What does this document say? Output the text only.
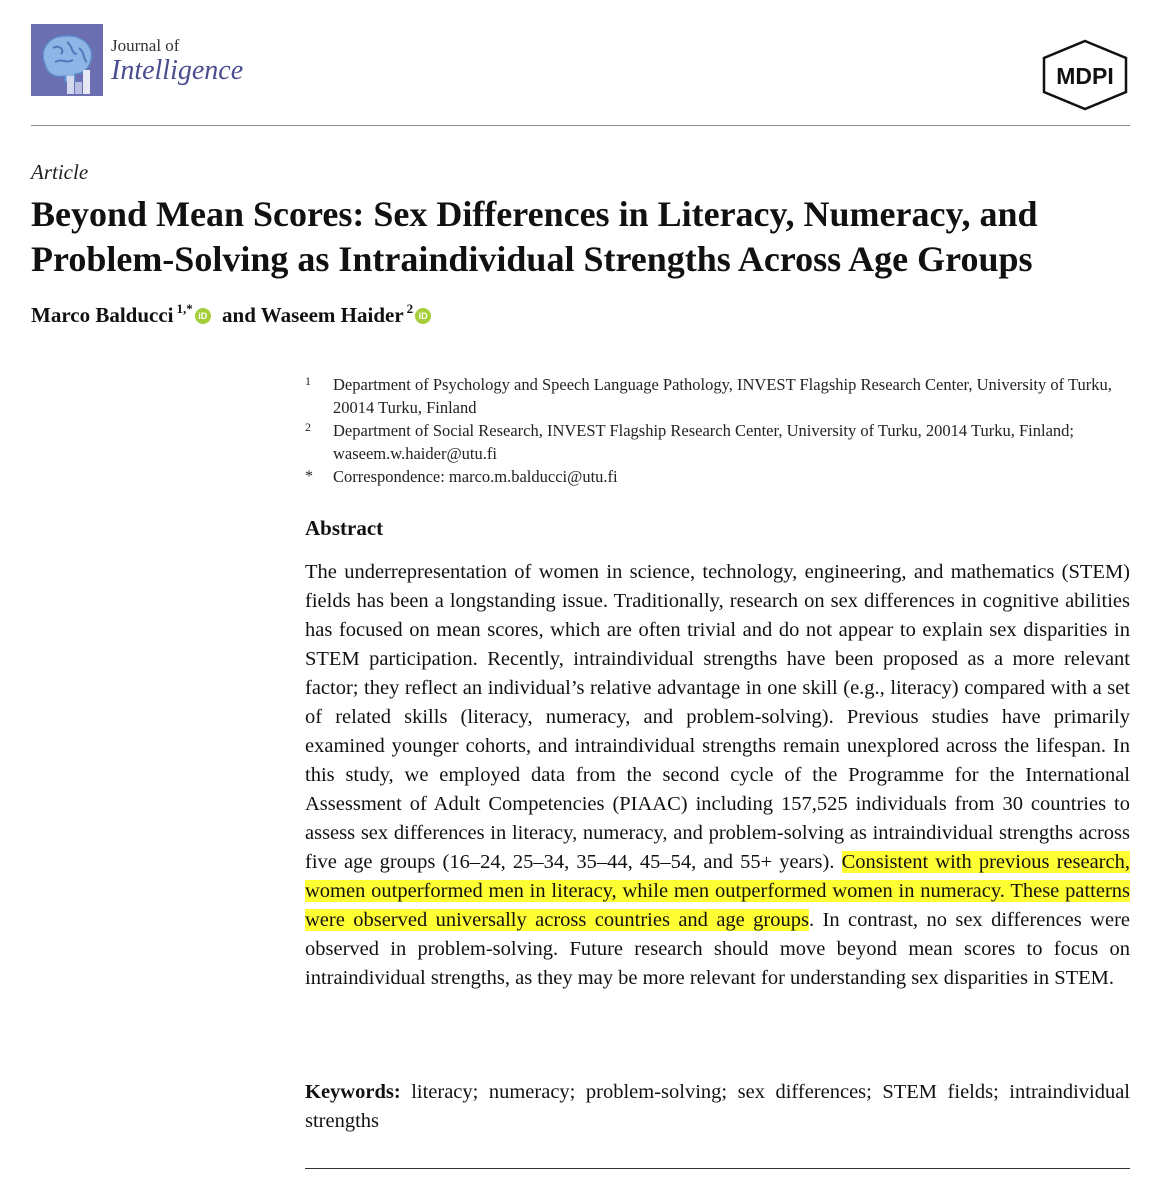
Journal of
Intelligence	MDPI
Article
Beyond Mean Scores: Sex Differences in Literacy, Numeracy, and Problem-Solving as Intraindividual Strengths Across Age Groups
Marco Balducci $^{1,*}$ iD and Waseem Haider $^2$ iD
1 Department of Psychology and Speech Language Pathology, INVEST Flagship Research Center, University of Turku, 20014 Turku, Finland
2 Department of Social Research, INVEST Flagship Research Center, University of Turku, 20014 Turku, Finland; waseem.w.haider@utu.fi
* Correspondence: marco.m.balducci@utu.fi
Abstract

The underrepresentation of women in science, technology, engineering, and mathematics (STEM) fields has been a longstanding issue. Traditionally, research on sex differences in cognitive abilities has focused on mean scores, which are often trivial and do not appear to explain sex disparities in STEM participation. Recently, intraindividual strengths have been proposed as a more relevant factor; they reflect an individual’s relative advantage in one skill (e.g., literacy) compared with a set of related skills (literacy, numeracy, and problem-solving). Previous studies have primarily examined younger cohorts, and intraindividual strengths remain unexplored across the lifespan. In this study, we employed data from the second cycle of the Programme for the International Assessment of Adult Competencies (PIAAC) including 157,525 individuals from 30 countries to assess sex differences in literacy, numeracy, and problem-solving as intraindividual strengths across five age groups (16–24, 25–34, 35–44, 45–54, and 55+ years). Consistent with previous research, women outperformed men in literacy, while men outperformed women in numeracy. These patterns were observed universally across countries and age groups. In contrast, no sex differences were observed in problem-solving. Future research should move beyond mean scores to focus on intraindividual strengths, as they may be more relevant for understanding sex disparities in STEM.

Keywords: literacy; numeracy; problem-solving; sex differences; STEM fields; intraindividual strengths
